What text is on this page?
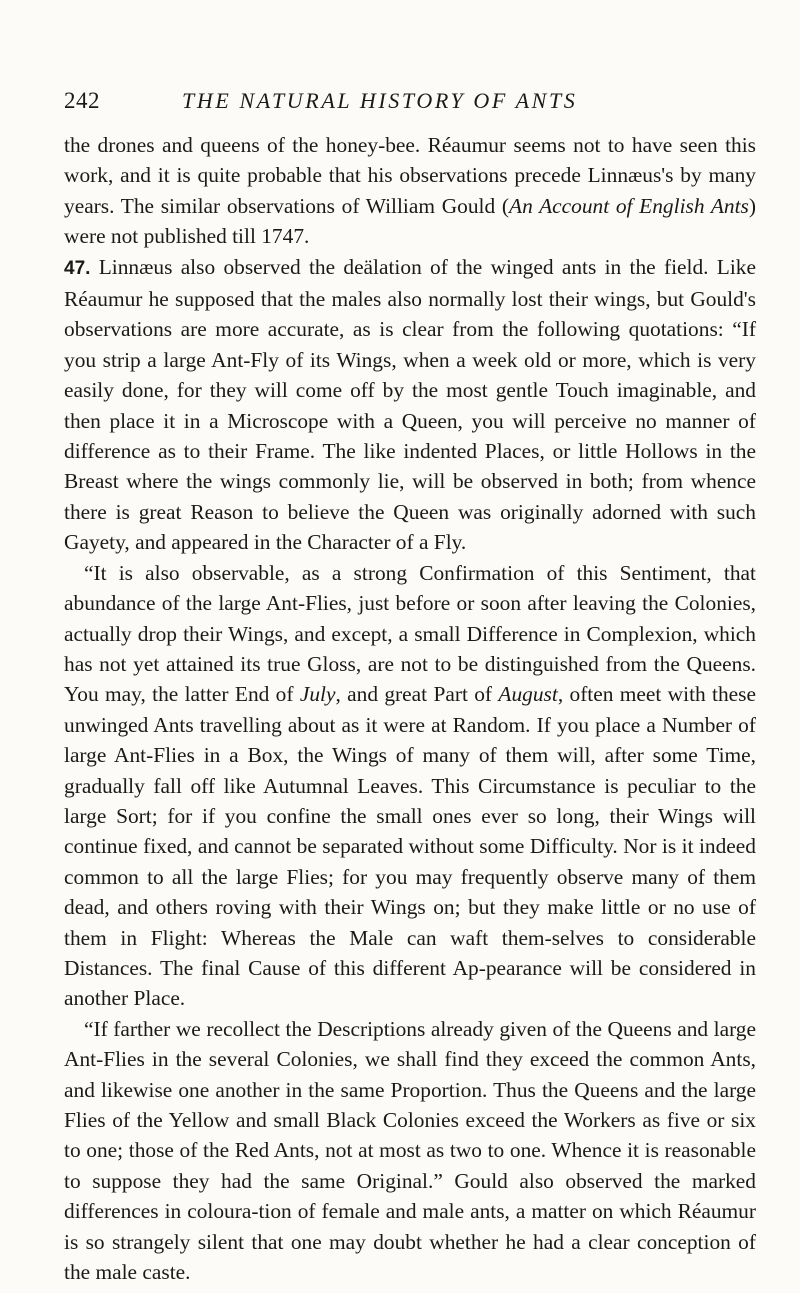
242	THE NATURAL HISTORY OF ANTS

the drones and queens of the honey-bee. Réaumur seems not to have seen this work, and it is quite probable that his observations precede Linnæus's by many years. The similar observations of William Gould (An Account of English Ants) were not published till 1747.

47. Linnæus also observed the deälation of the winged ants in the field. Like Réaumur he supposed that the males also normally lost their wings, but Gould's observations are more accurate, as is clear from the following quotations: “If you strip a large Ant-Fly of its Wings, when a week old or more, which is very easily done, for they will come off by the most gentle Touch imaginable, and then place it in a Microscope with a Queen, you will perceive no manner of difference as to their Frame. The like indented Places, or little Hollows in the Breast where the wings commonly lie, will be observed in both; from whence there is great Reason to believe the Queen was originally adorned with such Gayety, and appeared in the Character of a Fly.

“It is also observable, as a strong Confirmation of this Sentiment, that abundance of the large Ant-Flies, just before or soon after leaving the Colonies, actually drop their Wings, and except, a small Difference in Complexion, which has not yet attained its true Gloss, are not to be distinguished from the Queens. You may, the latter End of July, and great Part of August, often meet with these unwinged Ants travelling about as it were at Random. If you place a Number of large Ant-Flies in a Box, the Wings of many of them will, after some Time, gradually fall off like Autumnal Leaves. This Circumstance is peculiar to the large Sort; for if you confine the small ones ever so long, their Wings will continue fixed, and cannot be separated without some Difficulty. Nor is it indeed common to all the large Flies; for you may frequently observe many of them dead, and others roving with their Wings on; but they make little or no use of them in Flight: Whereas the Male can waft them-selves to considerable Distances. The final Cause of this different Ap-pearance will be considered in another Place.

“If farther we recollect the Descriptions already given of the Queens and large Ant-Flies in the several Colonies, we shall find they exceed the common Ants, and likewise one another in the same Proportion. Thus the Queens and the large Flies of the Yellow and small Black Colonies exceed the Workers as five or six to one; those of the Red Ants, not at most as two to one. Whence it is reasonable to suppose they had the same Original.” Gould also observed the marked differences in coloura-tion of female and male ants, a matter on which Réaumur is so strangely silent that one may doubt whether he had a clear conception of the male caste.
